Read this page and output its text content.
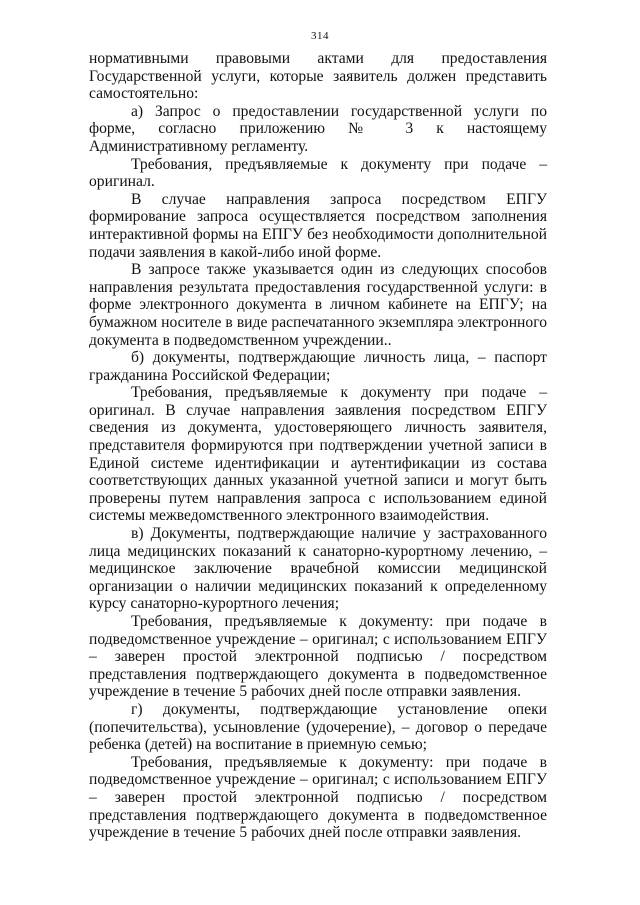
314

нормативными правовыми актами для предоставления Государственной услуги, которые заявитель должен представить самостоятельно:

а) Запрос о предоставлении государственной услуги по форме, согласно приложению № 3 к настоящему Административному регламенту.

Требования, предъявляемые к документу при подаче – оригинал.

В случае направления запроса посредством ЕПГУ формирование запроса осуществляется посредством заполнения интерактивной формы на ЕПГУ без необходимости дополнительной подачи заявления в какой-либо иной форме.

В запросе также указывается один из следующих способов направления результата предоставления государственной услуги: в форме электронного документа в личном кабинете на ЕПГУ; на бумажном носителе в виде распечатанного экземпляра электронного документа в подведомственном учреждении..

б) документы, подтверждающие личность лица, – паспорт гражданина Российской Федерации;

Требования, предъявляемые к документу при подаче – оригинал. В случае направления заявления посредством ЕПГУ сведения из документа, удостоверяющего личность заявителя, представителя формируются при подтверждении учетной записи в Единой системе идентификации и аутентификации из состава соответствующих данных указанной учетной записи и могут быть проверены путем направления запроса с использованием единой системы межведомственного электронного взаимодействия.

в) Документы, подтверждающие наличие у застрахованного лица медицинских показаний к санаторно-курортному лечению, – медицинское заключение врачебной комиссии медицинской организации о наличии медицинских показаний к определенному курсу санаторно-курортного лечения;

Требования, предъявляемые к документу: при подаче в подведомственное учреждение – оригинал; с использованием ЕПГУ – заверен простой электронной подписью / посредством представления подтверждающего документа в подведомственное учреждение в течение 5 рабочих дней после отправки заявления.

г) документы, подтверждающие установление опеки (попечительства), усыновление (удочерение), – договор о передаче ребенка (детей) на воспитание в приемную семью;

Требования, предъявляемые к документу: при подаче в подведомственное учреждение – оригинал; с использованием ЕПГУ – заверен простой электронной подписью / посредством представления подтверждающего документа в подведомственное учреждение в течение 5 рабочих дней после отправки заявления.
